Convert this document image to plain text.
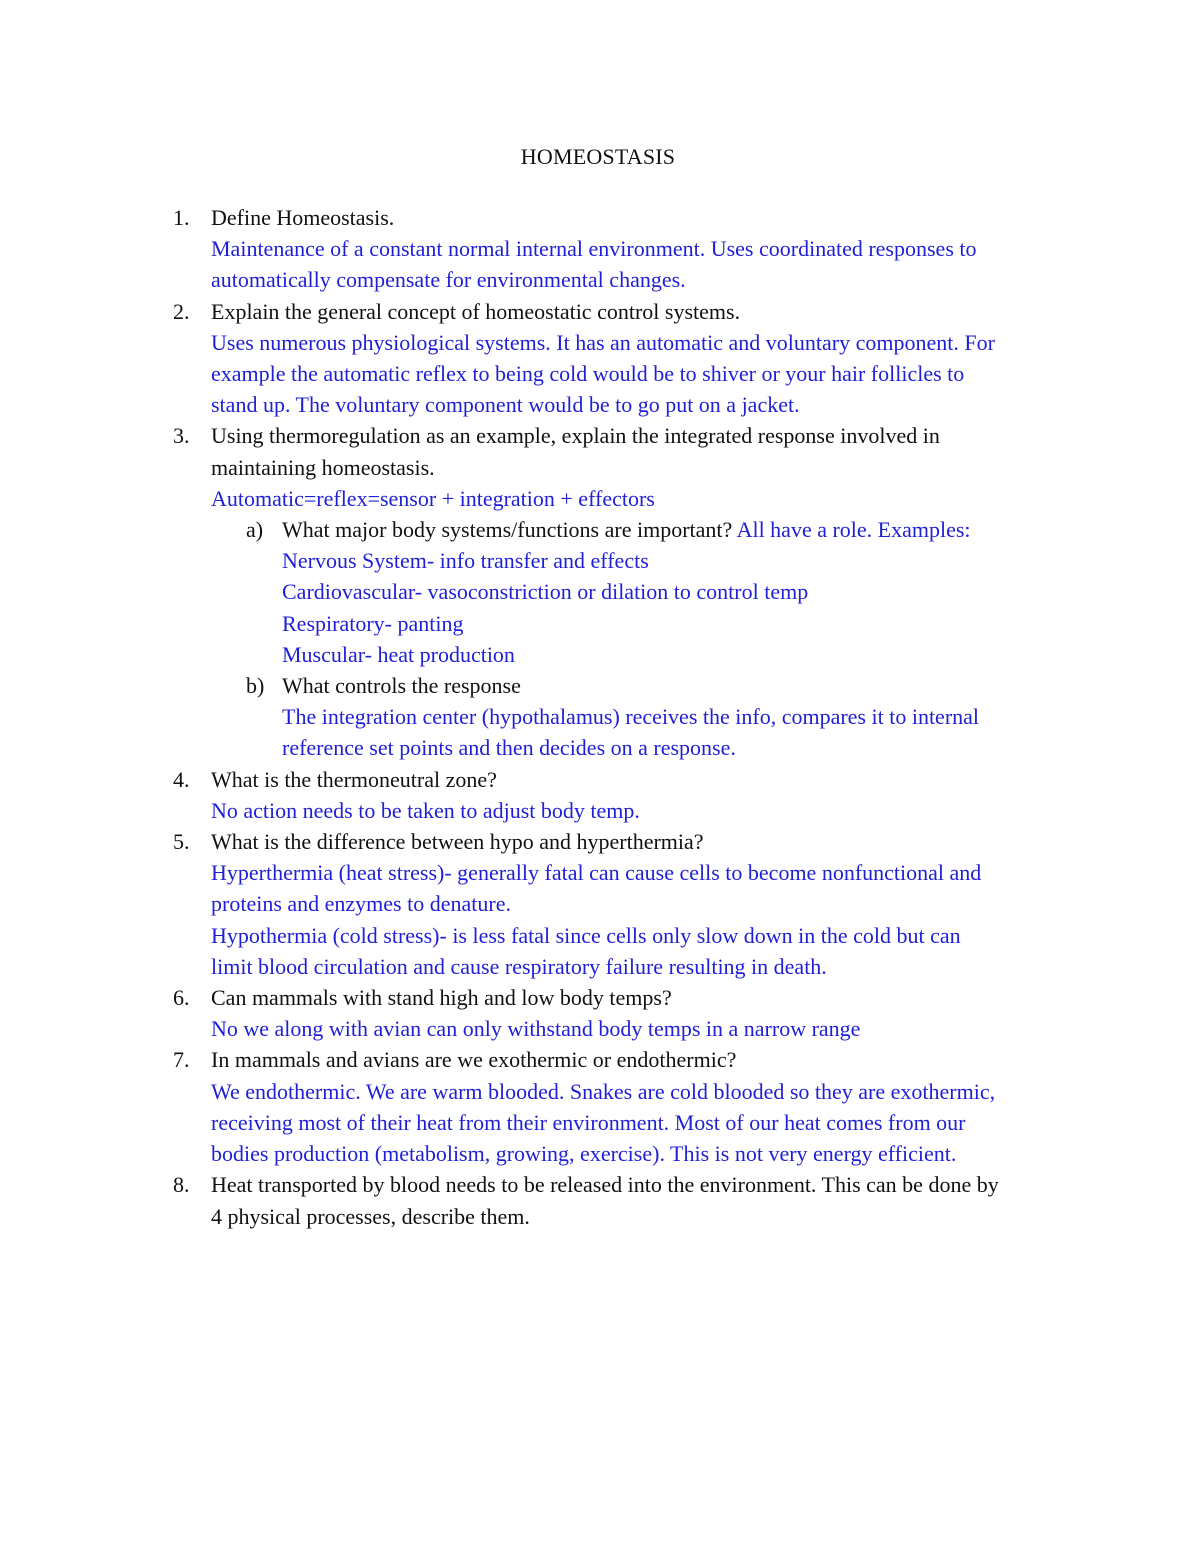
HOMEOSTASIS
1. Define Homeostasis.
Maintenance of a constant normal internal environment. Uses coordinated responses to
automatically compensate for environmental changes.
2. Explain the general concept of homeostatic control systems.
Uses numerous physiological systems. It has an automatic and voluntary component. For
example the automatic reflex to being cold would be to shiver or your hair follicles to
stand up. The voluntary component would be to go put on a jacket.
3. Using thermoregulation as an example, explain the integrated response involved in
maintaining homeostasis.
Automatic=reflex=sensor + integration + effectors
a) What major body systems/functions are important? All have a role. Examples:
Nervous System- info transfer and effects
Cardiovascular- vasoconstriction or dilation to control temp
Respiratory- panting
Muscular- heat production
b) What controls the response
The integration center (hypothalamus) receives the info, compares it to internal
reference set points and then decides on a response.
4. What is the thermoneutral zone?
No action needs to be taken to adjust body temp.
5. What is the difference between hypo and hyperthermia?
Hyperthermia (heat stress)- generally fatal can cause cells to become nonfunctional and
proteins and enzymes to denature.
Hypothermia (cold stress)- is less fatal since cells only slow down in the cold but can
limit blood circulation and cause respiratory failure resulting in death.
6. Can mammals with stand high and low body temps?
No we along with avian can only withstand body temps in a narrow range
7. In mammals and avians are we exothermic or endothermic?
We endothermic. We are warm blooded. Snakes are cold blooded so they are exothermic,
receiving most of their heat from their environment. Most of our heat comes from our
bodies production (metabolism, growing, exercise). This is not very energy efficient.
8. Heat transported by blood needs to be released into the environment. This can be done by
4 physical processes, describe them.
